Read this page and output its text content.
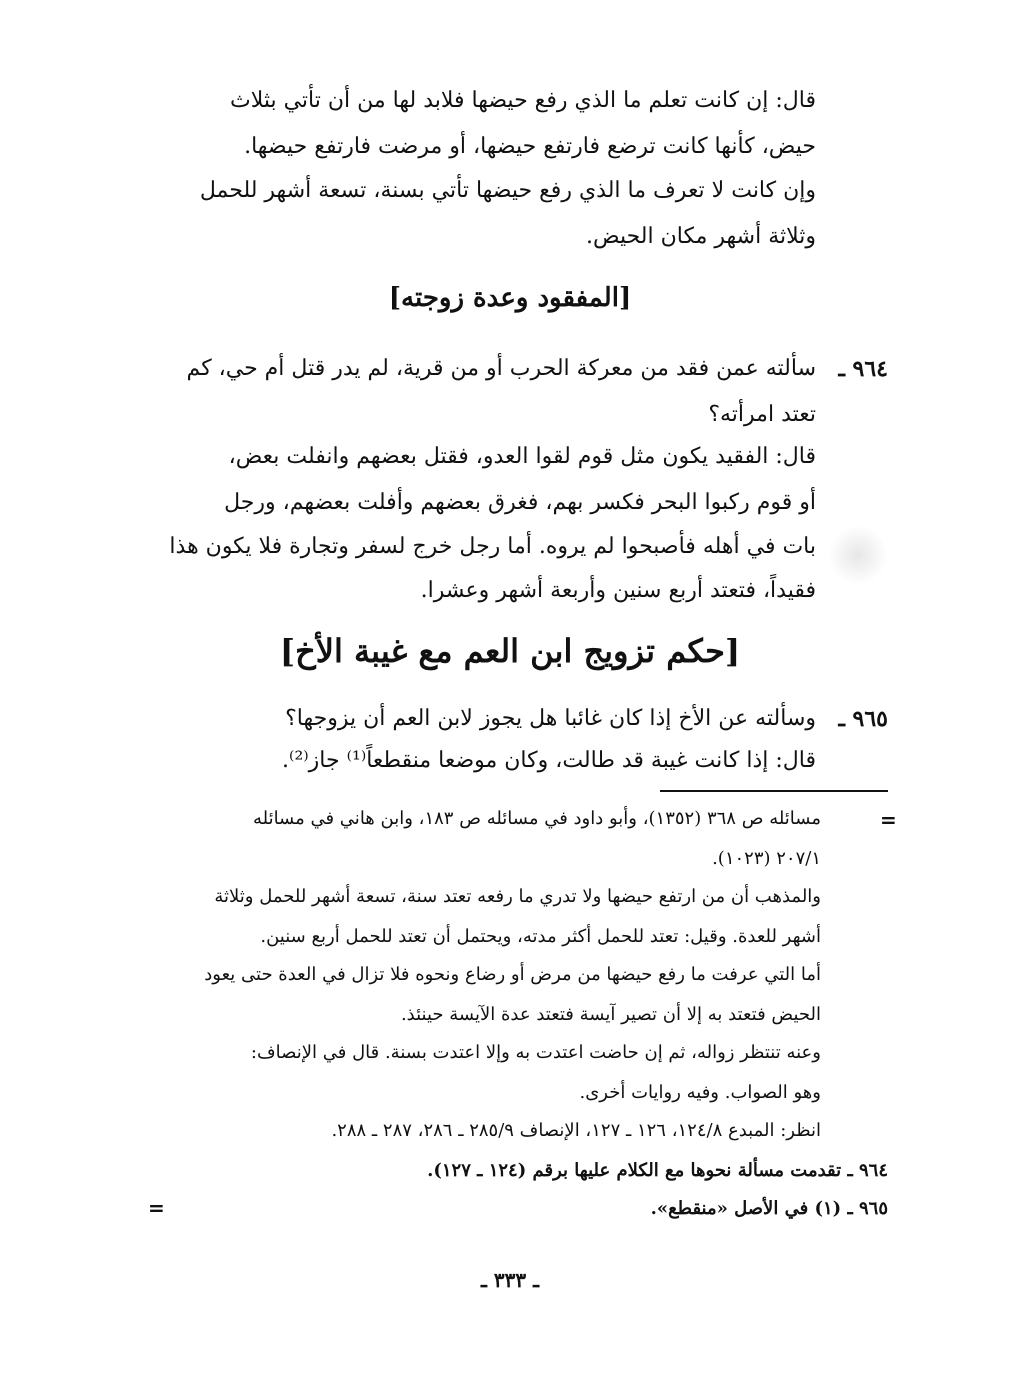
قال: إن كانت تعلم ما الذي رفع حيضها فلابد لها من أن تأتي بثلاث
حيض، كأنها كانت ترضع فارتفع حيضها، أو مرضت فارتفع حيضها.
وإن كانت لا تعرف ما الذي رفع حيضها تأتي بسنة، تسعة أشهر للحمل
وثلاثة أشهر مكان الحيض.
[المفقود وعدة زوجته]
٩٦٤ ـ
سألته عمن فقد من معركة الحرب أو من قرية، لم يدر قتل أم حي، كم
تعتد امرأته؟
قال: الفقيد يكون مثل قوم لقوا العدو، فقتل بعضهم وانفلت بعض،
أو قوم ركبوا البحر فكسر بهم، فغرق بعضهم وأفلت بعضهم، ورجل
بات في أهله فأصبحوا لم يروه. أما رجل خرج لسفر وتجارة فلا يكون هذا
فقيداً، فتعتد أربع سنين وأربعة أشهر وعشرا.
[حكم تزويج ابن العم مع غيبة الأخ]
٩٦٥ ـ
وسألته عن الأخ إذا كان غائبا هل يجوز لابن العم أن يزوجها؟
قال: إذا كانت غيبة قد طالت، وكان موضعا منقطعاً⁽¹⁾ جاز⁽²⁾.
=
مسائله ص ٣٦٨ (١٣٥٢)، وأبو داود في مسائله ص ١٨٣، وابن هاني في مسائله
٢٠٧/١ (١٠٢٣).
والمذهب أن من ارتفع حيضها ولا تدري ما رفعه تعتد سنة، تسعة أشهر للحمل وثلاثة
أشهر للعدة. وقيل: تعتد للحمل أكثر مدته، ويحتمل أن تعتد للحمل أربع سنين.
أما التي عرفت ما رفع حيضها من مرض أو رضاع ونحوه فلا تزال في العدة حتى يعود
الحيض فتعتد به إلا أن تصير آيسة فتعتد عدة الآيسة حينئذ.
وعنه تنتظر زواله، ثم إن حاضت اعتدت به وإلا اعتدت بسنة. قال في الإنصاف:
وهو الصواب. وفيه روايات أخرى.
انظر: المبدع ١٢٤/٨، ١٢٦ ـ ١٢٧، الإنصاف ٢٨٥/٩ ـ ٢٨٦، ٢٨٧ ـ ٢٨٨.
٩٦٤ ـ تقدمت مسألة نحوها مع الكلام عليها برقم (١٢٤ ـ ١٢٧).
٩٦٥ ـ (١) في الأصل «منقطع».
=
ـ ٣٣٣ ـ
